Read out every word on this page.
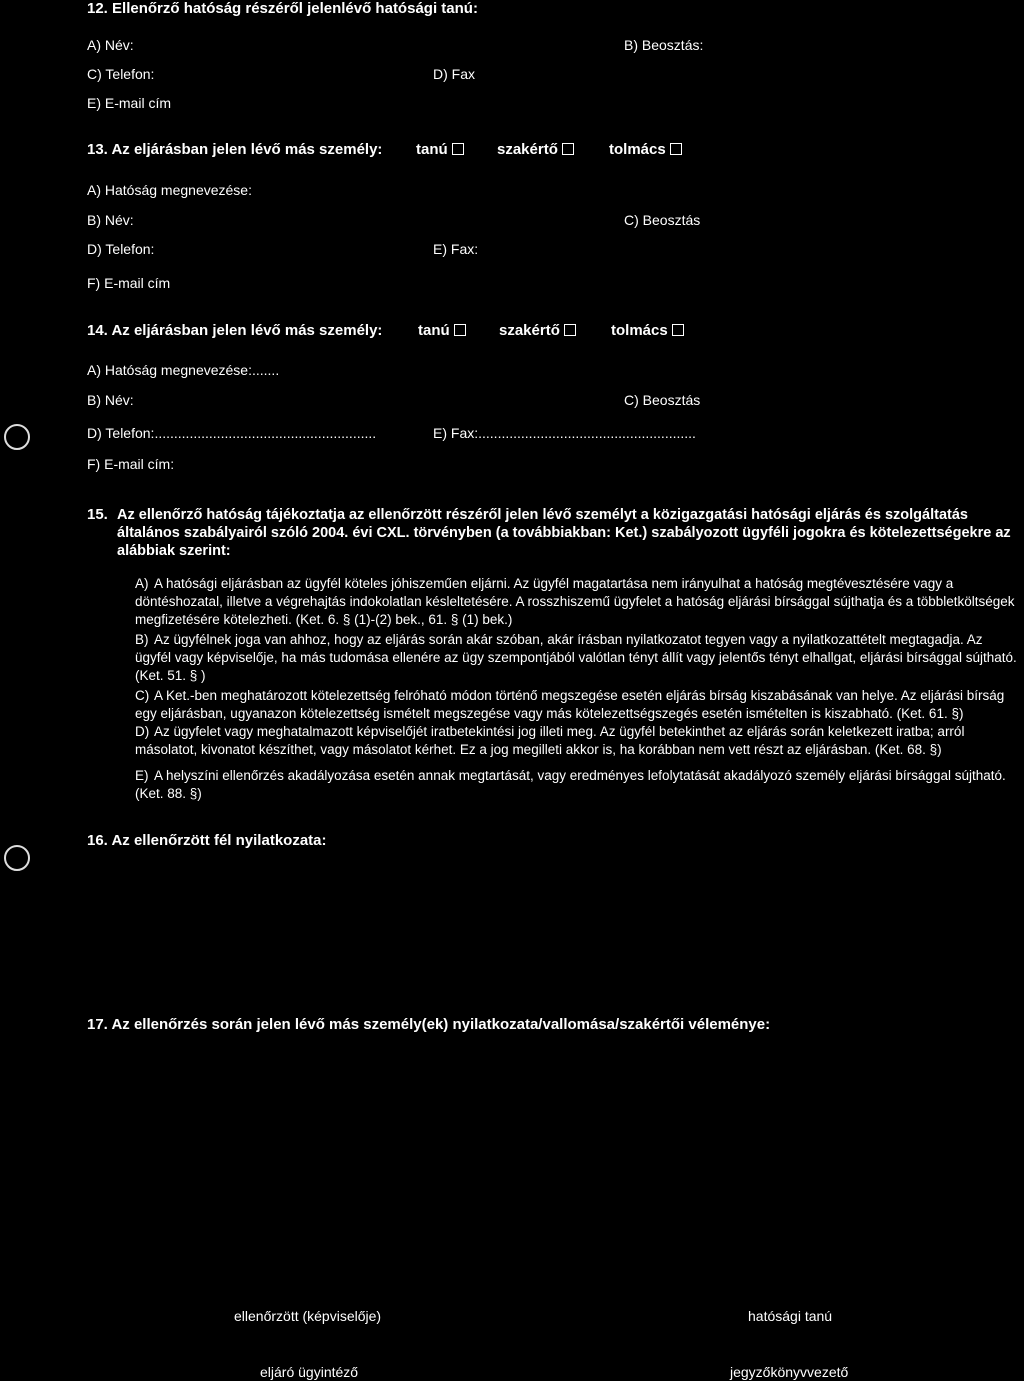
12. Ellenőrző hatóság részéről jelenlévő hatósági tanú:
A) Név:	B) Beosztás:
C) Telefon:	D) Fax
E) E-mail cím
13. Az eljárásban jelen lévő más személy: tanú	szakértő	tolmács
A) Hatóság megnevezése:
B) Név:	C) Beosztás
D) Telefon:	E) Fax:
F) E-mail cím
14. Az eljárásban jelen lévő más személy: tanú	szakértő	tolmács
A) Hatóság megnevezése:.......
B) Név:	C) Beosztás
D) Telefon:.........................................................	E) Fax:........................................................
F) E-mail cím:
15. Az ellenőrző hatóság tájékoztatja az ellenőrzött részéről jelen lévő személyt a közigazgatási hatósági eljárás és szolgáltatás általános szabályairól szóló 2004. évi CXL. törvényben (a továbbiakban: Ket.) szabályozott ügyféli jogokra és kötelezettségekre az alábbiak szerint:
A) A hatósági eljárásban az ügyfél köteles jóhiszeműen eljárni. Az ügyfél magatartása nem irányulhat a hatóság megtévesztésére vagy a döntéshozatal, illetve a végrehajtás indokolatlan késleltetésére. A rosszhiszemű ügyfelet a hatóság eljárási bírsággal sújthatja és a többletköltségek megfizetésére kötelezheti. (Ket. 6. § (1)-(2) bek., 61. § (1) bek.)
B) Az ügyfélnek joga van ahhoz, hogy az eljárás során akár szóban, akár írásban nyilatkozatot tegyen vagy a nyilatkozattételt megtagadja. Az ügyfél vagy képviselője, ha más tudomása ellenére az ügy szempontjából valótlan tényt állít vagy jelentős tényt elhallgat, eljárási bírsággal sújtható. (Ket. 51. § )
C) A Ket.-ben meghatározott kötelezettség felróható módon történő megszegése esetén eljárás bírság kiszabásának van helye. Az eljárási bírság egy eljárásban, ugyanazon kötelezettség ismételt megszegése vagy más kötelezettségszegés esetén ismételten is kiszabható. (Ket. 61. §)
D) Az ügyfelet vagy meghatalmazott képviselőjét iratbetekintési jog illeti meg. Az ügyfél betekinthet az eljárás során keletkezett iratba; arról másolatot, kivonatot készíthet, vagy másolatot kérhet. Ez a jog megilleti akkor is, ha korábban nem vett részt az eljárásban. (Ket. 68. §)
E) A helyszíni ellenőrzés akadályozása esetén annak megtartását, vagy eredményes lefolytatását akadályozó személy eljárási bírsággal sújtható. (Ket. 88. §)
16. Az ellenőrzött fél nyilatkozata:
17. Az ellenőrzés során jelen lévő más személy(ek) nyilatkozata/vallomása/szakértői véleménye:
ellenőrzött (képviselője)	hatósági tanú
eljáró ügyintéző	jegyzőkönyvvezető
